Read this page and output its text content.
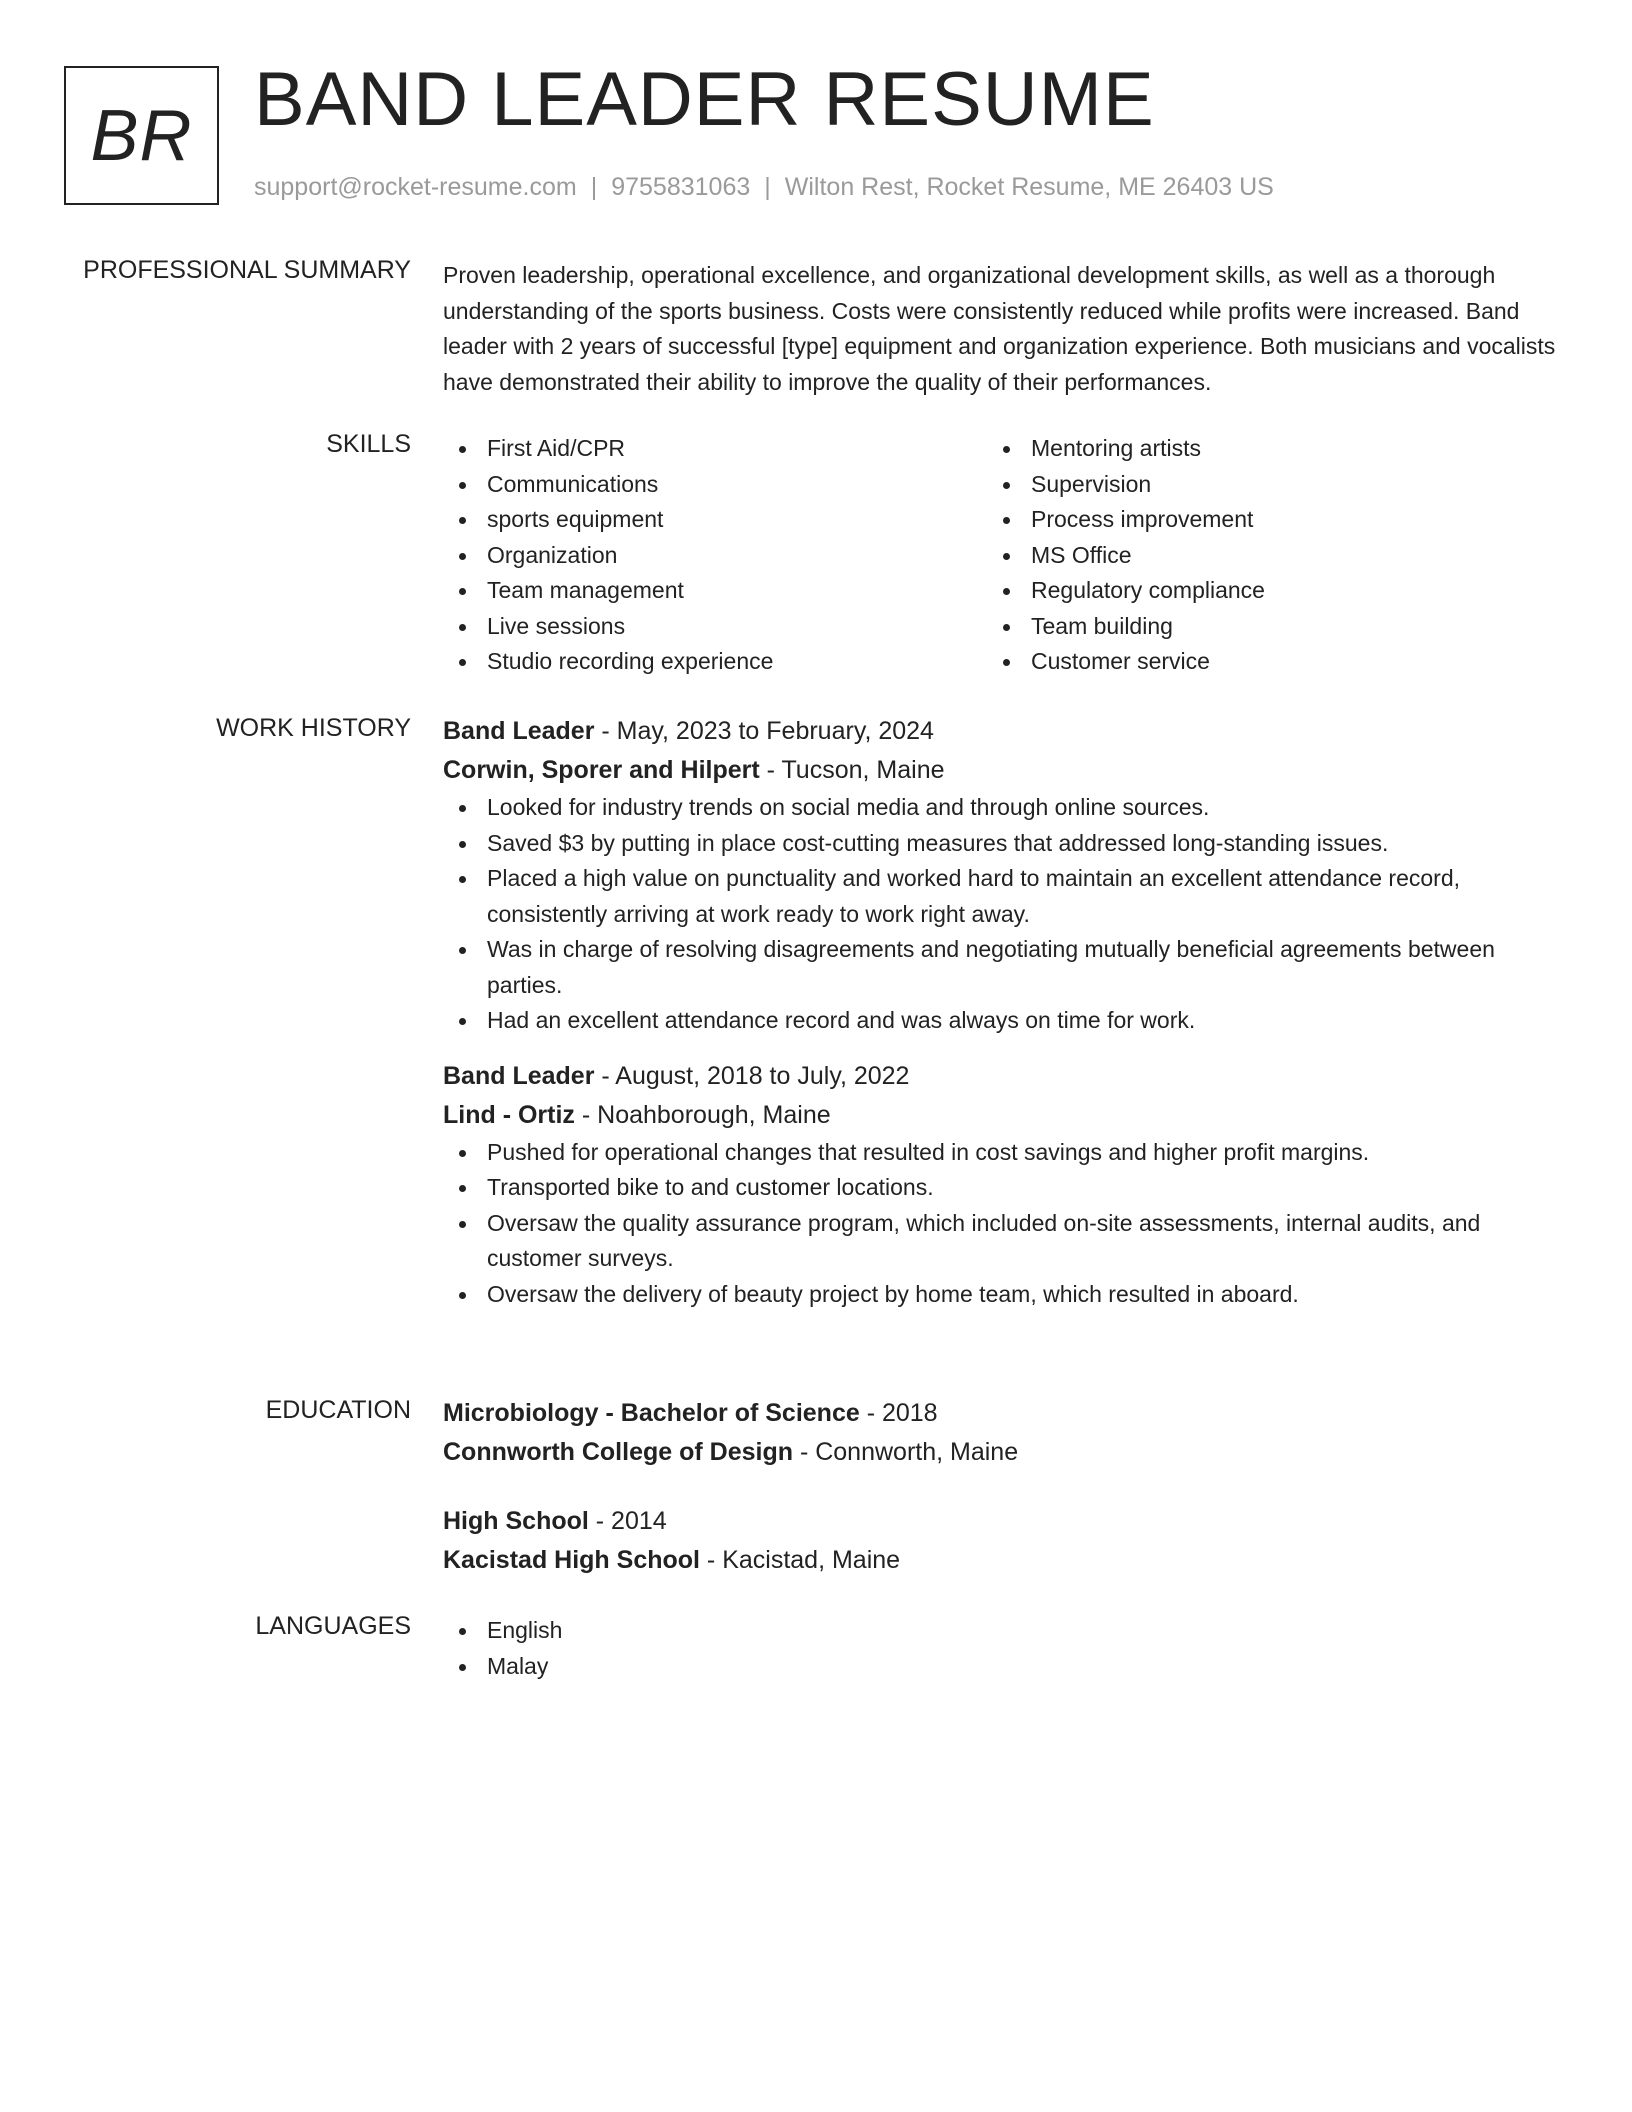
BR BAND LEADER RESUME
support@rocket-resume.com | 9755831063 | Wilton Rest, Rocket Resume, ME 26403 US
PROFESSIONAL SUMMARY Proven leadership, operational excellence, and organizational development skills, as well as a thorough understanding of the sports business. Costs were consistently reduced while profits were increased. Band leader with 2 years of successful [type] equipment and organization experience. Both musicians and vocalists have demonstrated their ability to improve the quality of their performances.

SKILLS	First Aid/CPR
Communications
sports equipment
Organization
Team management
Live sessions
Studio recording experience
Mentoring artists
Supervision
Process improvement
MS Office
Regulatory compliance
Team building
Customer service
WORK HISTORY Band Leader - May, 2023 to February, 2024
Corwin, Sporer and Hilpert - Tucson, Maine
Looked for industry trends on social media and through online sources.
Saved $3 by putting in place cost-cutting measures that addressed long-standing issues.
Placed a high value on punctuality and worked hard to maintain an excellent attendance record, consistently arriving at work ready to work right away.
Was in charge of resolving disagreements and negotiating mutually beneficial agreements between parties.
Had an excellent attendance record and was always on time for work.
Band Leader - August, 2018 to July, 2022
Lind - Ortiz - Noahborough, Maine
Pushed for operational changes that resulted in cost savings and higher profit margins.
Transported bike to and customer locations.
Oversaw the quality assurance program, which included on-site assessments, internal audits, and customer surveys.
Oversaw the delivery of beauty project by home team, which resulted in aboard.
EDUCATION Microbiology - Bachelor of Science - 2018
Connworth College of Design - Connworth, Maine
High School - 2014
Kacistad High School - Kacistad, Maine
LANGUAGES	English
Malay
